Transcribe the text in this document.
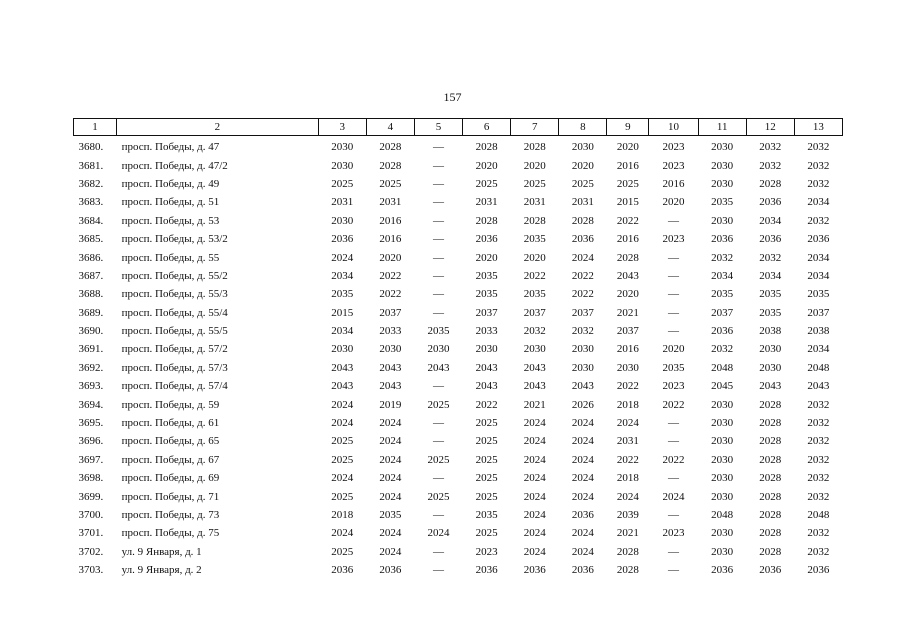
157
1	2	3	4	5	6	7	8	9	10	11	12	13
3680.	просп. Победы, д. 47	2030	2028	—	2028	2028	2030	2020	2023	2030	2032	2032
3681.	просп. Победы, д. 47/2	2030	2028	—	2020	2020	2020	2016	2023	2030	2032	2032
3682.	просп. Победы, д. 49	2025	2025	—	2025	2025	2025	2025	2016	2030	2028	2032
3683.	просп. Победы, д. 51	2031	2031	—	2031	2031	2031	2015	2020	2035	2036	2034
3684.	просп. Победы, д. 53	2030	2016	—	2028	2028	2028	2022	—	2030	2034	2032
3685.	просп. Победы, д. 53/2	2036	2016	—	2036	2035	2036	2016	2023	2036	2036	2036
3686.	просп. Победы, д. 55	2024	2020	—	2020	2020	2024	2028	—	2032	2032	2034
3687.	просп. Победы, д. 55/2	2034	2022	—	2035	2022	2022	2043	—	2034	2034	2034
3688.	просп. Победы, д. 55/3	2035	2022	—	2035	2035	2022	2020	—	2035	2035	2035
3689.	просп. Победы, д. 55/4	2015	2037	—	2037	2037	2037	2021	—	2037	2035	2037
3690.	просп. Победы, д. 55/5	2034	2033	2035	2033	2032	2032	2037	—	2036	2038	2038
3691.	просп. Победы, д. 57/2	2030	2030	2030	2030	2030	2030	2016	2020	2032	2030	2034
3692.	просп. Победы, д. 57/3	2043	2043	2043	2043	2043	2030	2030	2035	2048	2030	2048
3693.	просп. Победы, д. 57/4	2043	2043	—	2043	2043	2043	2022	2023	2045	2043	2043
3694.	просп. Победы, д. 59	2024	2019	2025	2022	2021	2026	2018	2022	2030	2028	2032
3695.	просп. Победы, д. 61	2024	2024	—	2025	2024	2024	2024	—	2030	2028	2032
3696.	просп. Победы, д. 65	2025	2024	—	2025	2024	2024	2031	—	2030	2028	2032
3697.	просп. Победы, д. 67	2025	2024	2025	2025	2024	2024	2022	2022	2030	2028	2032
3698.	просп. Победы, д. 69	2024	2024	—	2025	2024	2024	2018	—	2030	2028	2032
3699.	просп. Победы, д. 71	2025	2024	2025	2025	2024	2024	2024	2024	2030	2028	2032
3700.	просп. Победы, д. 73	2018	2035	—	2035	2024	2036	2039	—	2048	2028	2048
3701.	просп. Победы, д. 75	2024	2024	2024	2025	2024	2024	2021	2023	2030	2028	2032
3702.	ул. 9 Января, д. 1	2025	2024	—	2023	2024	2024	2028	—	2030	2028	2032
3703.	ул. 9 Января, д. 2	2036	2036	—	2036	2036	2036	2028	—	2036	2036	2036
